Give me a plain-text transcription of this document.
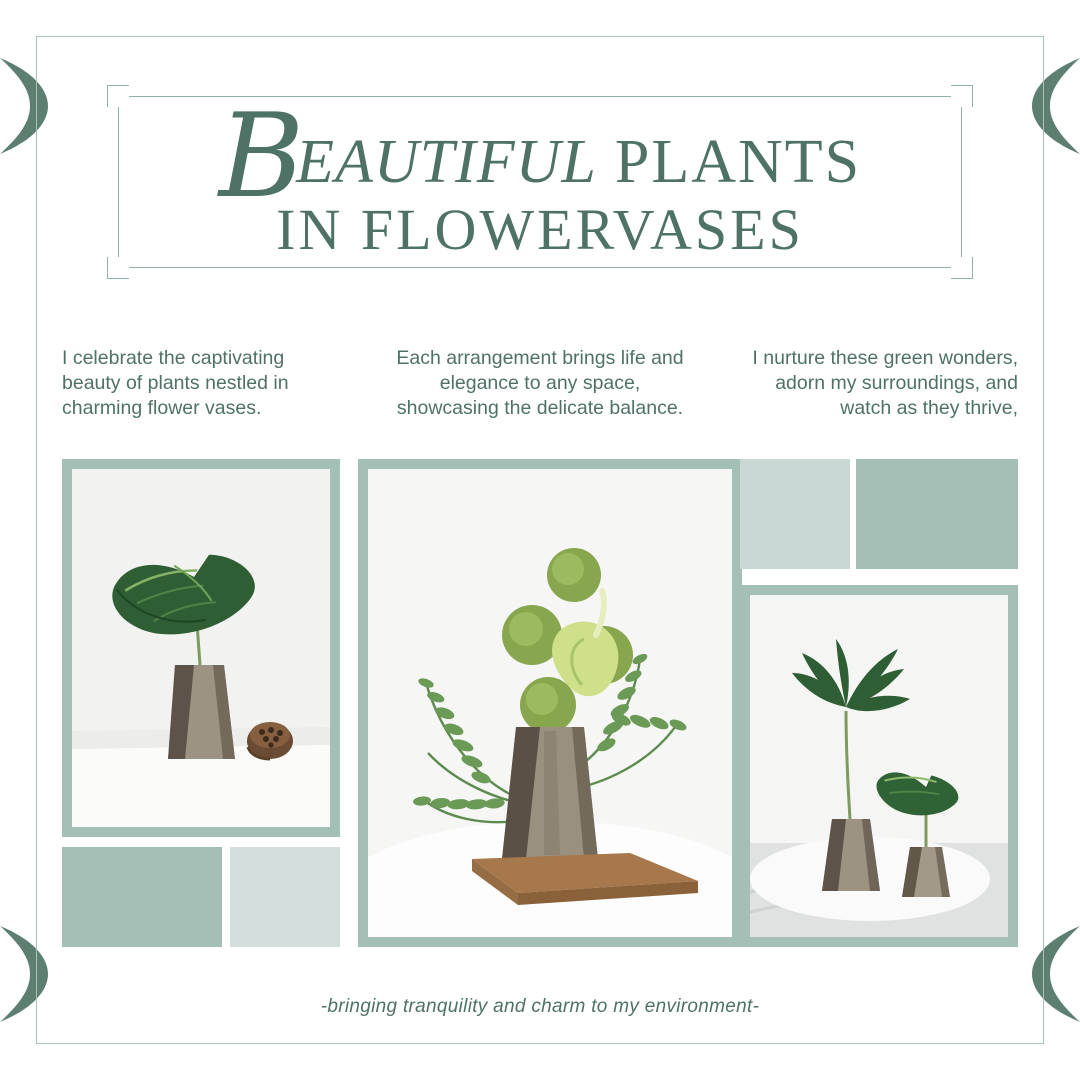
B
EAUTIFUL PLANTS
IN FLOWERVASES
I celebrate the captivating beauty of plants nestled in charming flower vases.
Each arrangement brings life and elegance to any space, showcasing the delicate balance.
I nurture these green wonders, adorn my surroundings, and watch as they thrive,
-bringing tranquility and charm to my environment-
